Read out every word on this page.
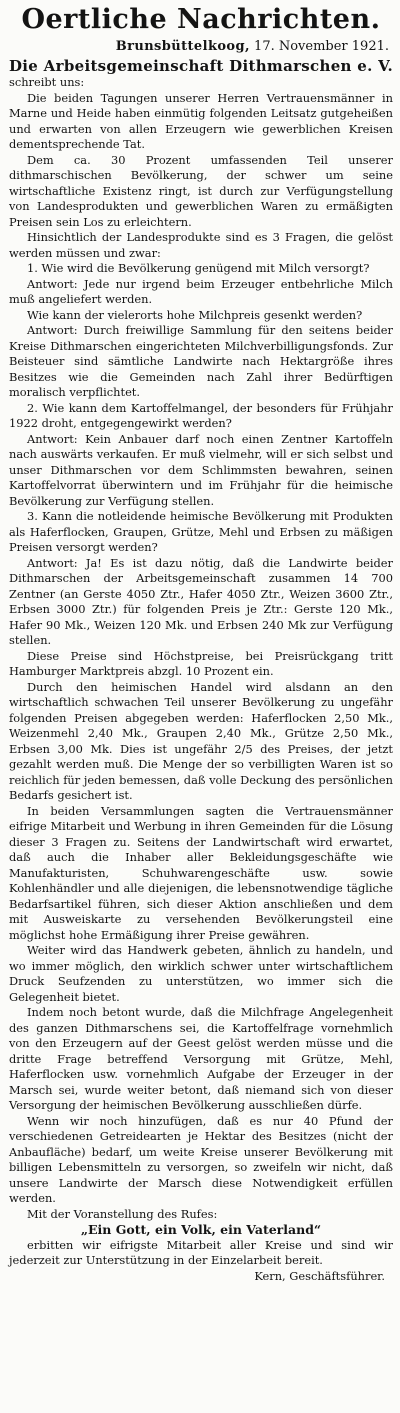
Oertliche Nachrichten.
Brunsbüttelkoog, 17. November 1921.
Die Arbeitsgemeinschaft Dithmarschen e. V.

schreibt uns:

Die beiden Tagungen unserer Herren Vertrauensmänner in Marne und Heide haben einmütig folgenden Leitsatz gutgeheißen und erwarten von allen Erzeugern wie gewerblichen Kreisen dementsprechende Tat.

Dem ca. 30 Prozent umfassenden Teil unserer dithmarschischen Bevölkerung, der schwer um seine wirtschaftliche Existenz ringt, ist durch zur Verfügungstellung von Landesprodukten und gewerblichen Waren zu ermäßigten Preisen sein Los zu erleichtern.

Hinsichtlich der Landesprodukte sind es 3 Fragen, die gelöst werden müssen und zwar:

1. Wie wird die Bevölkerung genügend mit Milch versorgt?

Antwort: Jede nur irgend beim Erzeuger entbehrliche Milch muß angeliefert werden.

Wie kann der vielerorts hohe Milchpreis gesenkt werden?

Antwort: Durch freiwillige Sammlung für den seitens beider Kreise Dithmarschen eingerichteten Milchverbilligungsfonds. Zur Beisteuer sind sämtliche Landwirte nach Hektargröße ihres Besitzes wie die Gemeinden nach Zahl ihrer Bedürftigen moralisch verpflichtet.

2. Wie kann dem Kartoffelmangel, der besonders für Frühjahr 1922 droht, entgegengewirkt werden?

Antwort: Kein Anbauer darf noch einen Zentner Kartoffeln nach auswärts verkaufen. Er muß vielmehr, will er sich selbst und unser Dithmarschen vor dem Schlimmsten bewahren, seinen Kartoffelvorrat überwintern und im Frühjahr für die heimische Bevölkerung zur Verfügung stellen.

3. Kann die notleidende heimische Bevölkerung mit Produkten als Haferflocken, Graupen, Grütze, Mehl und Erbsen zu mäßigen Preisen versorgt werden?

Antwort: Ja! Es ist dazu nötig, daß die Landwirte beider Dithmarschen der Arbeitsgemeinschaft zusammen 14 700 Zentner (an Gerste 4050 Ztr., Hafer 4050 Ztr., Weizen 3600 Ztr., Erbsen 3000 Ztr.) für folgenden Preis je Ztr.: Gerste 120 Mk., Hafer 90 Mk., Weizen 120 Mk. und Erbsen 240 Mk zur Verfügung stellen.

Diese Preise sind Höchstpreise, bei Preisrückgang tritt Hamburger Marktpreis abzgl. 10 Prozent ein.

Durch den heimischen Handel wird alsdann an den wirtschaftlich schwachen Teil unserer Bevölkerung zu ungefähr folgenden Preisen abgegeben werden: Haferflocken 2,50 Mk., Weizenmehl 2,40 Mk., Graupen 2,40 Mk., Grütze 2,50 Mk., Erbsen 3,00 Mk. Dies ist ungefähr 2/5 des Preises, der jetzt gezahlt werden muß. Die Menge der so verbilligten Waren ist so reichlich für jeden bemessen, daß volle Deckung des persönlichen Bedarfs gesichert ist.

In beiden Versammlungen sagten die Vertrauensmänner eifrige Mitarbeit und Werbung in ihren Gemeinden für die Lösung dieser 3 Fragen zu. Seitens der Landwirtschaft wird erwartet, daß auch die Inhaber aller Bekleidungsgeschäfte wie Manufakturisten, Schuhwarengeschäfte usw. sowie Kohlenhändler und alle diejenigen, die lebensnotwendige tägliche Bedarfsartikel führen, sich dieser Aktion anschließen und dem mit Ausweiskarte zu versehenden Bevölkerungsteil eine möglichst hohe Ermäßigung ihrer Preise gewähren.

Weiter wird das Handwerk gebeten, ähnlich zu handeln, und wo immer möglich, den wirklich schwer unter wirtschaftlichem Druck Seufzenden zu unterstützen, wo immer sich die Gelegenheit bietet.

Indem noch betont wurde, daß die Milchfrage Angelegenheit des ganzen Dithmarschens sei, die Kartoffelfrage vornehmlich von den Erzeugern auf der Geest gelöst werden müsse und die dritte Frage betreffend Versorgung mit Grütze, Mehl, Haferflocken usw. vornehmlich Aufgabe der Erzeuger in der Marsch sei, wurde weiter betont, daß niemand sich von dieser Versorgung der heimischen Bevölkerung ausschließen dürfe.

Wenn wir noch hinzufügen, daß es nur 40 Pfund der verschiedenen Getreidearten je Hektar des Besitzes (nicht der Anbaufläche) bedarf, um weite Kreise unserer Bevölkerung mit billigen Lebensmitteln zu versorgen, so zweifeln wir nicht, daß unsere Landwirte der Marsch diese Notwendigkeit erfüllen werden.

Mit der Voranstellung des Rufes:

„Ein Gott, ein Volk, ein Vaterland“

erbitten wir eifrigste Mitarbeit aller Kreise und sind wir jederzeit zur Unterstützung in der Einzelarbeit bereit.

Kern, Geschäftsführer.
